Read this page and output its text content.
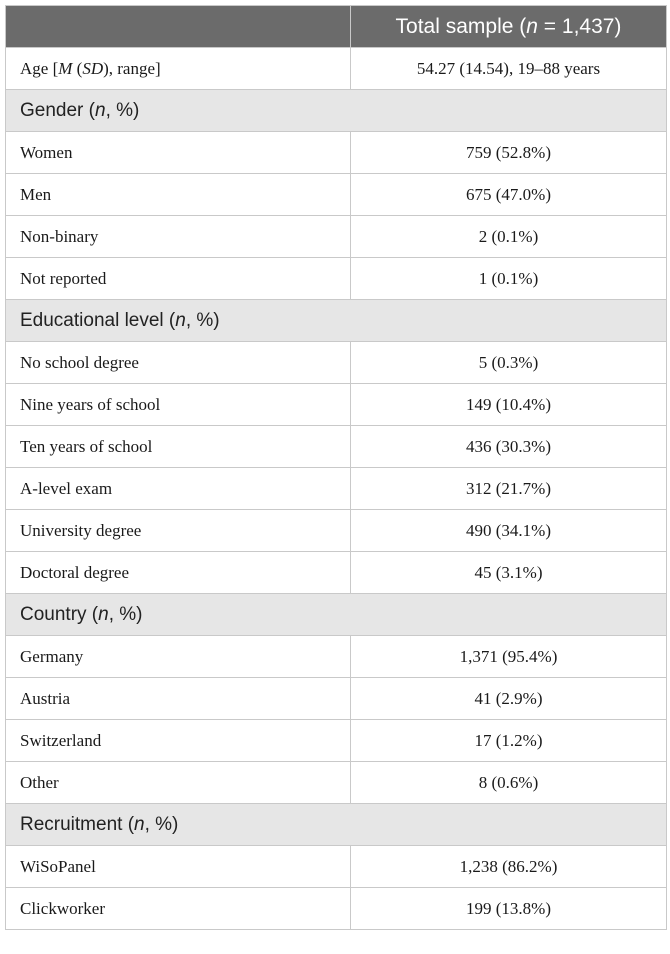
	Total sample (n = 1,437)
Age [M (SD), range]	54.27 (14.54), 19–88 years
Gender (n, %)	
Women	759 (52.8%)
Men	675 (47.0%)
Non-binary	2 (0.1%)
Not reported	1 (0.1%)
Educational level (n, %)	
No school degree	5 (0.3%)
Nine years of school	149 (10.4%)
Ten years of school	436 (30.3%)
A-level exam	312 (21.7%)
University degree	490 (34.1%)
Doctoral degree	45 (3.1%)
Country (n, %)	
Germany	1,371 (95.4%)
Austria	41 (2.9%)
Switzerland	17 (1.2%)
Other	8 (0.6%)
Recruitment (n, %)	
WiSoPanel	1,238 (86.2%)
Clickworker	199 (13.8%)
